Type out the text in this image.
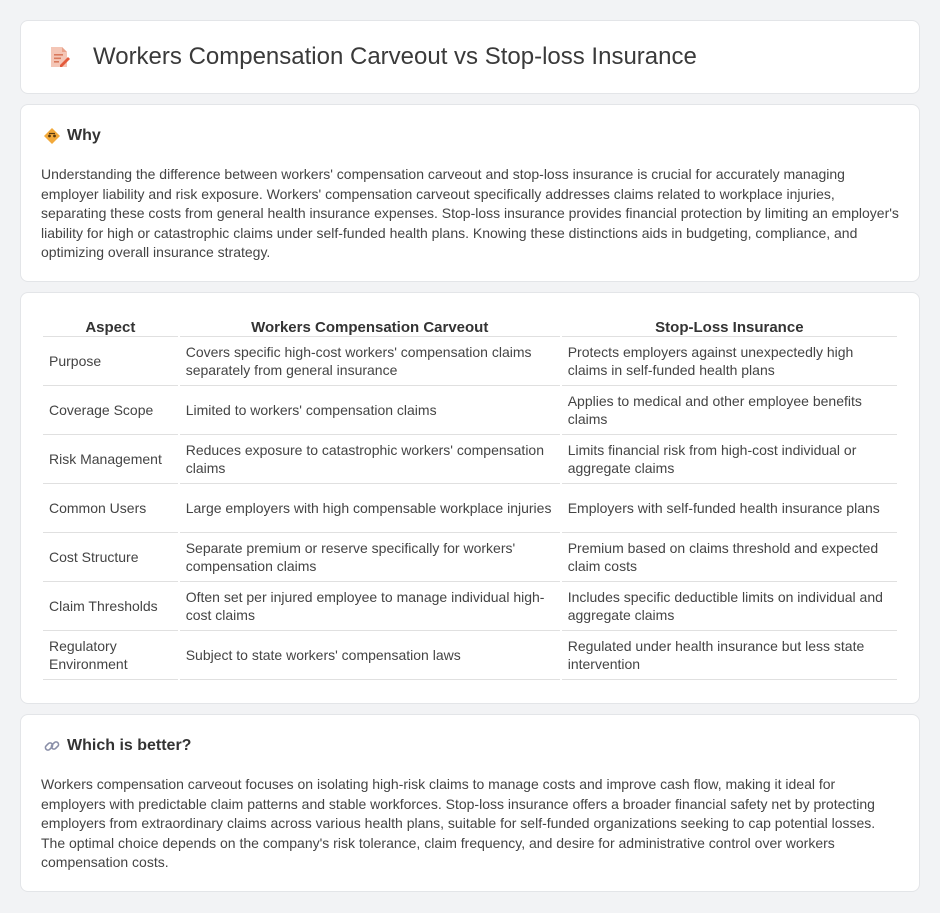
Workers Compensation Carveout vs Stop-loss Insurance
Why

Understanding the difference between workers' compensation carveout and stop-loss insurance is crucial for accurately managing employer liability and risk exposure. Workers' compensation carveout specifically addresses claims related to workplace injuries, separating these costs from general health insurance expenses. Stop-loss insurance provides financial protection by limiting an employer's liability for high or catastrophic claims under self-funded health plans. Knowing these distinctions aids in budgeting, compliance, and optimizing overall insurance strategy.

Aspect	Workers Compensation Carveout	Stop-Loss Insurance
Purpose	Covers specific high-cost workers' compensation claims separately from general insurance	Protects employers against unexpectedly high claims in self-funded health plans
Coverage Scope	Limited to workers' compensation claims	Applies to medical and other employee benefits claims
Risk Management	Reduces exposure to catastrophic workers' compensation claims	Limits financial risk from high-cost individual or aggregate claims
Common Users	Large employers with high compensable workplace injuries	Employers with self-funded health insurance plans
Cost Structure	Separate premium or reserve specifically for workers' compensation claims	Premium based on claims threshold and expected claim costs
Claim Thresholds	Often set per injured employee to manage individual high-cost claims	Includes specific deductible limits on individual and aggregate claims
Regulatory Environment	Subject to state workers' compensation laws	Regulated under health insurance but less state intervention
Which is better?

Workers compensation carveout focuses on isolating high-risk claims to manage costs and improve cash flow, making it ideal for employers with predictable claim patterns and stable workforces. Stop-loss insurance offers a broader financial safety net by protecting employers from extraordinary claims across various health plans, suitable for self-funded organizations seeking to cap potential losses. The optimal choice depends on the company's risk tolerance, claim frequency, and desire for administrative control over workers compensation costs.
